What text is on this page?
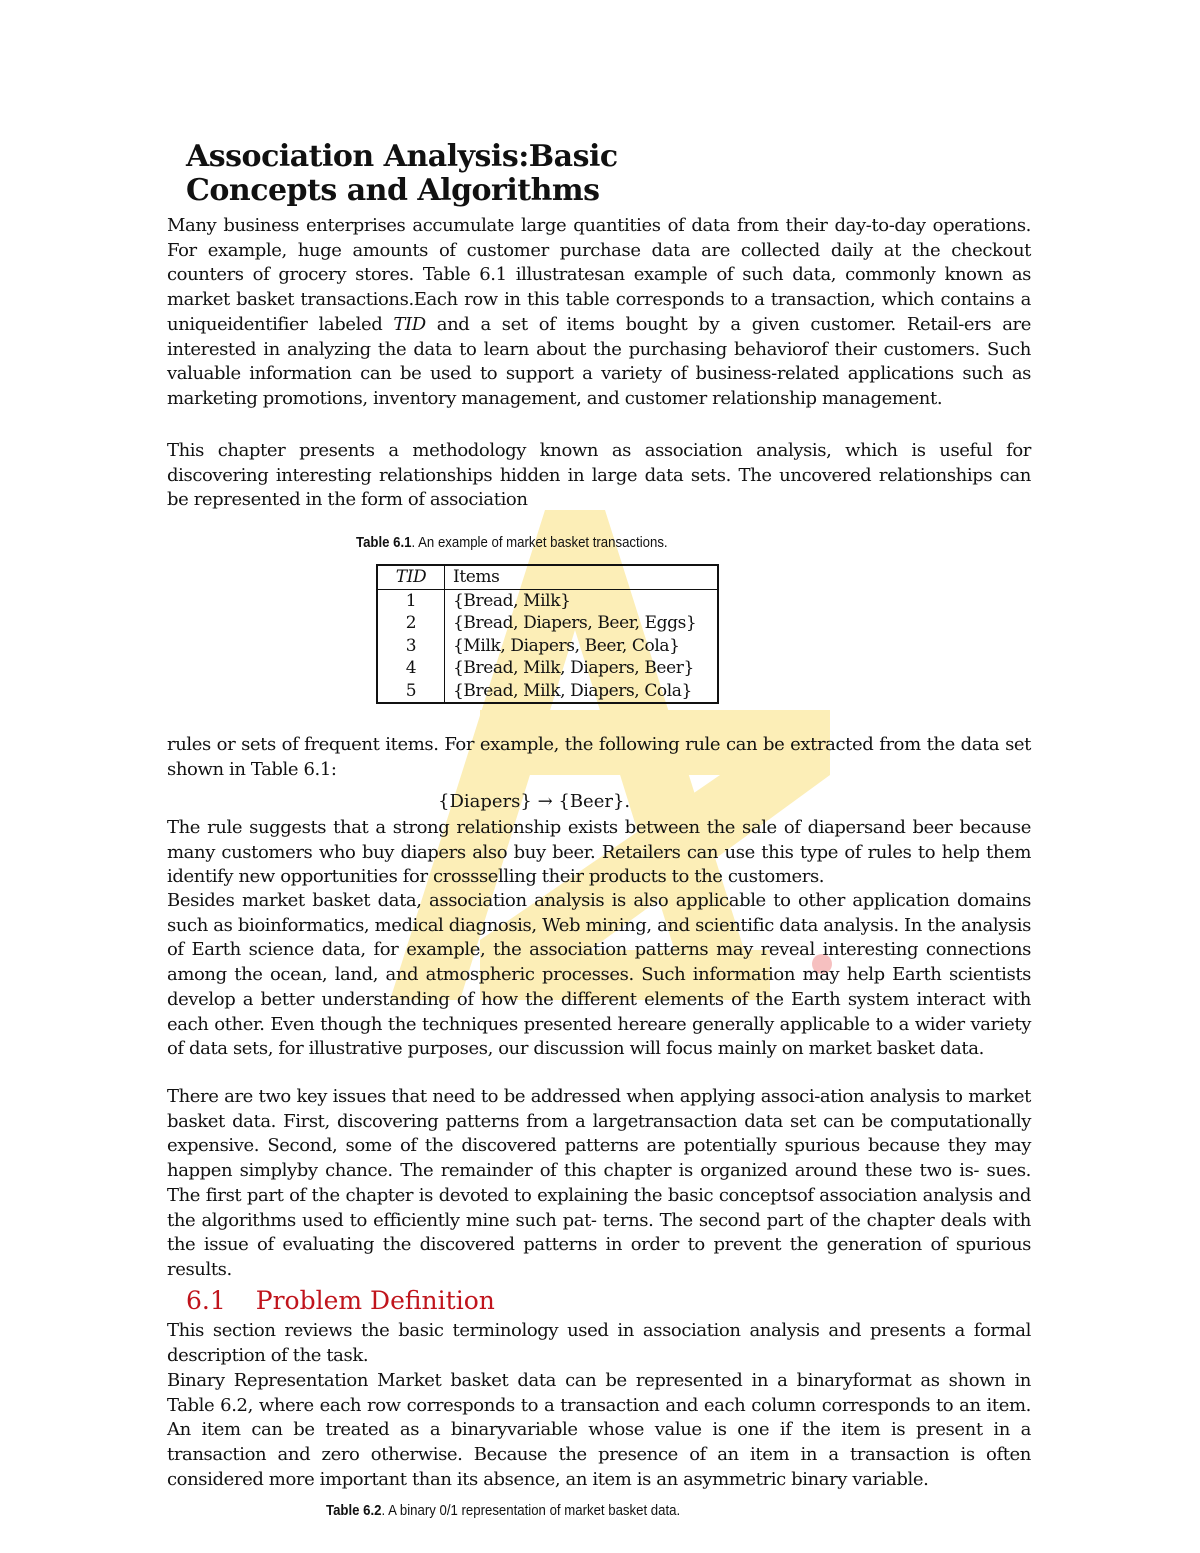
Association Analysis:Basic
Concepts and Algorithms

Many business enterprises accumulate large quantities of data from their day-to-day operations. For example, huge amounts of customer purchase data are collected daily at the checkout counters of grocery stores. Table 6.1 illustratesan example of such data, commonly known as market basket transactions.Each row in this table corresponds to a transaction, which contains a uniqueidentifier labeled TID and a set of items bought by a given customer. Retail-ers are interested in analyzing the data to learn about the purchasing behaviorof their customers. Such valuable information can be used to support a variety of business-related applications such as marketing promotions, inventory management, and customer relationship management.

This chapter presents a methodology known as association analysis, which is useful for discovering interesting relationships hidden in large data sets. The uncovered relationships can be represented in the form of association

Table 6.1. An example of market basket transactions.

TID	Items
1	{Bread, Milk}
2	{Bread, Diapers, Beer, Eggs}
3	{Milk, Diapers, Beer, Cola}
4	{Bread, Milk, Diapers, Beer}
5	{Bread, Milk, Diapers, Cola}

rules or sets of frequent items. For example, the following rule can be extracted from the data set shown in Table 6.1:

{Diapers} → {Beer}.

The rule suggests that a strong relationship exists between the sale of diapersand beer because many customers who buy diapers also buy beer. Retailers can use this type of rules to help them identify new opportunities for crossselling their products to the customers.

Besides market basket data, association analysis is also applicable to other application domains such as bioinformatics, medical diagnosis, Web mining, and scientific data analysis. In the analysis of Earth science data, for example, the association patterns may reveal interesting connections among the ocean, land, and atmospheric processes. Such information may help Earth scientists develop a better understanding of how the different elements of the Earth system interact with each other. Even though the techniques presented hereare generally applicable to a wider variety of data sets, for illustrative purposes, our discussion will focus mainly on market basket data.

There are two key issues that need to be addressed when applying associ-ation analysis to market basket data. First, discovering patterns from a largetransaction data set can be computationally expensive. Second, some of the discovered patterns are potentially spurious because they may happen simplyby chance. The remainder of this chapter is organized around these two is- sues. The first part of the chapter is devoted to explaining the basic conceptsof association analysis and the algorithms used to efficiently mine such pat- terns. The second part of the chapter deals with the issue of evaluating the discovered patterns in order to prevent the generation of spurious results.

6.1 Problem Definition

This section reviews the basic terminology used in association analysis and presents a formal description of the task.

Binary Representation Market basket data can be represented in a binaryformat as shown in Table 6.2, where each row corresponds to a transaction and each column corresponds to an item. An item can be treated as a binaryvariable whose value is one if the item is present in a transaction and zero otherwise. Because the presence of an item in a transaction is often considered more important than its absence, an item is an asymmetric binary variable.

Table 6.2. A binary 0/1 representation of market basket data.
